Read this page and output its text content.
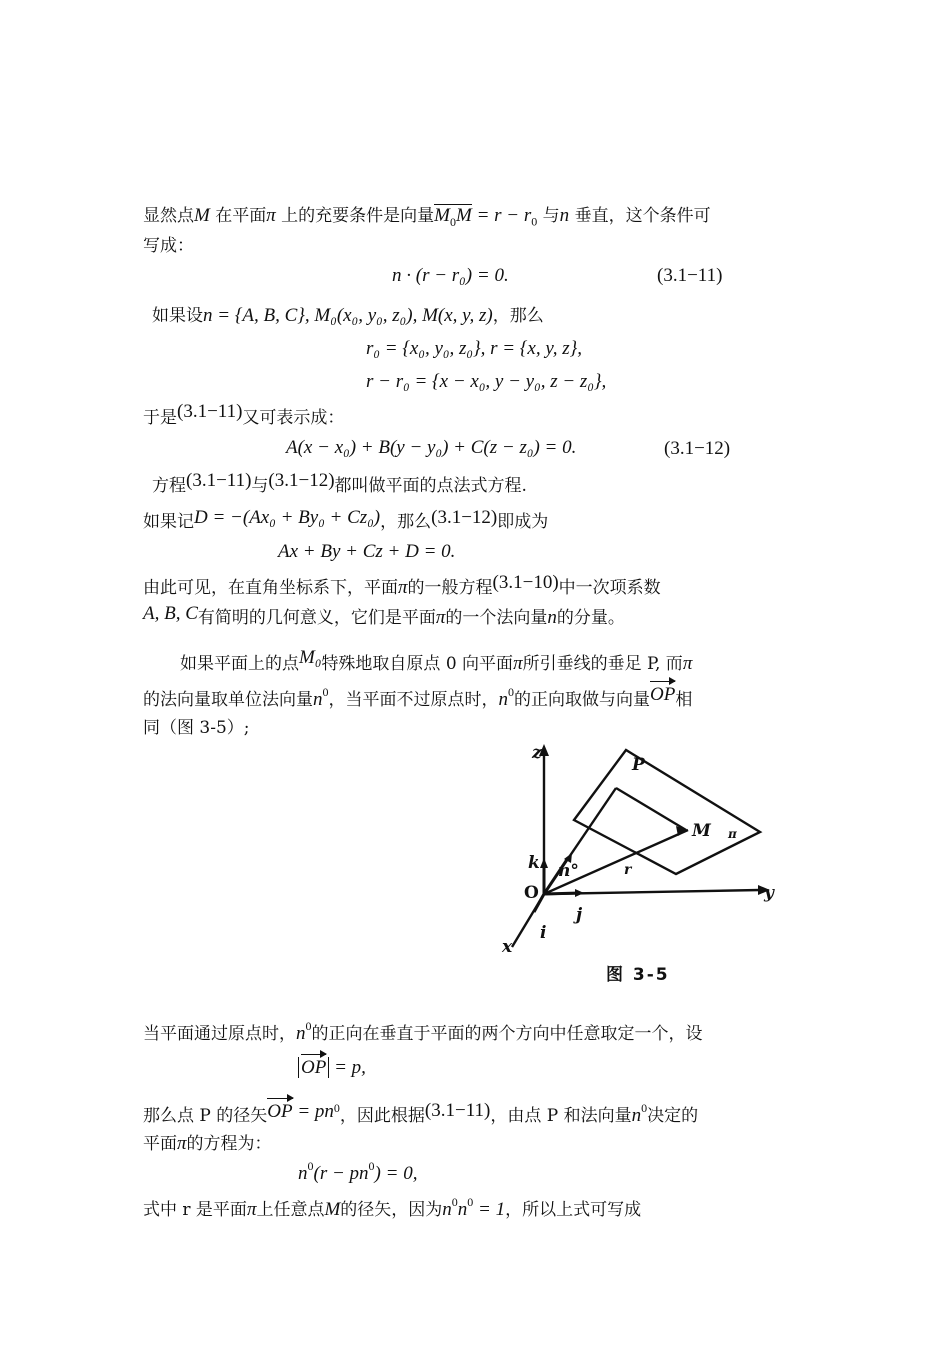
显然点M 在平面π 上的充要条件是向量$M_0M = r - r_0$ 与n 垂直，这个条件可
写成：
n · (r − r₀) = 0.	(3.1−11)
如果设n = {A, B, C}, M₀(x₀, y₀, z₀), M(x, y, z)，那么
r₀ = {x₀, y₀, z₀}, r = {x, y, z},
r − r₀ = {x − x₀, y − y₀, z − z₀},
于是(3.1−11)又可表示成：
A(x − x₀) + B(y − y₀) + C(z − z₀) = 0.	(3.1−12)
方程(3.1−11)与(3.1−12)都叫做平面的点法式方程.
如果记D = −(Ax₀ + By₀ + Cz₀)，那么(3.1−12)即成为
Ax + By + Cz + D = 0.
由此可见，在直角坐标系下，平面π的一般方程(3.1−10)中一次项系数
A, B, C有简明的几何意义，它们是平面π的一个法向量n的分量。
如果平面上的点M₀特殊地取自原点 0 向平面π所引垂线的垂足 P, 而π
的法向量取单位法向量$n^0$，当平面不过原点时，$n^0$的正向取做与向量OP相
同（图 3-5）;
z
P
M π
k n°	r
O	y
j
i
x
图 3-5
当平面通过原点时，$n^0$的正向在垂直于平面的两个方向中任意取定一个，设
OP = p,
那么点 P 的径矢OP = $pn^0$，因此根据(3.1−11)，由点 P 和法向量$n^0$决定的
平面π的方程为：
$n^0(r - pn^0) = 0$,
式中 r 是平面π上任意点M的径矢，因为$n^0n^0 = 1$，所以上式可写成
